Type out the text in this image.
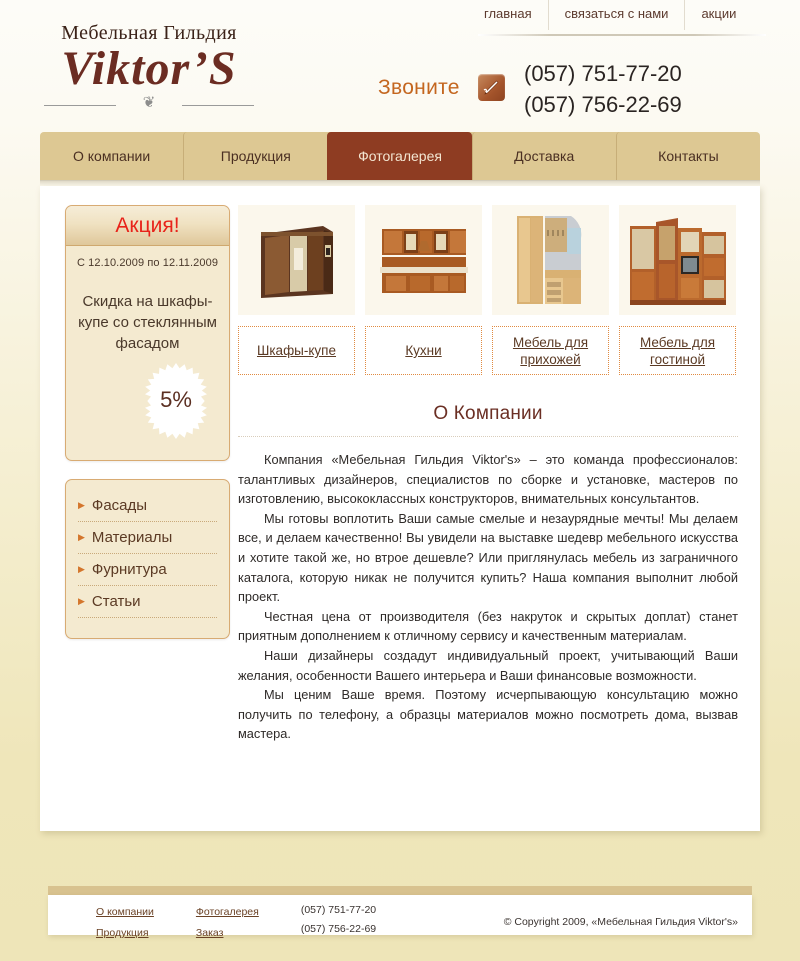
главная	связаться с нами	акции
Мебельная Гильдия
Viktor’S
❦
Звоните
(057) 751-77-20
(057) 756-22-69
О компании	Продукция	Фотогалерея	Доставка	Контакты
Акция!
С 12.10.2009 по 12.11.2009
Скидка на шкафы-купе со стеклянным фасадом
5%
▶ Фасады
▶ Материалы
▶ Фурнитура
▶ Статьи
Шкафы-купе	Кухни
Мебель для прихожей
Мебель для гостиной
О Компании

Компания «Мебельная Гильдия Viktor's» – это команда профессионалов: талантливых дизайнеров, специалистов по сборке и установке, мастеров по изготовлению, высококлассных конструкторов, внимательных консультантов.

Мы готовы воплотить Ваши самые смелые и незаурядные мечты! Мы делаем все, и делаем качественно! Вы увидели на выставке шедевр мебельного искусства и хотите такой же, но втрое дешевле? Или приглянулась мебель из заграничного каталога, которую никак не получится купить? Наша компания выполнит любой проект.

Честная цена от производителя (без накруток и скрытых доплат) станет приятным дополнением к отличному сервису и качественным материалам.

Наши дизайнеры создадут индивидуальный проект, учитывающий Ваши желания, особенности Вашего интерьера и Ваши финансовые возможности.

Мы ценим Ваше время. Поэтому исчерпывающую консультацию можно получить по телефону, а образцы материалов можно посмотреть дома, вызвав мастера.

О компании
Продукция
Фотогалерея
Заказ
(057) 751-77-20
(057) 756-22-69
© Copyright 2009, «Мебельная Гильдия Viktor's»
